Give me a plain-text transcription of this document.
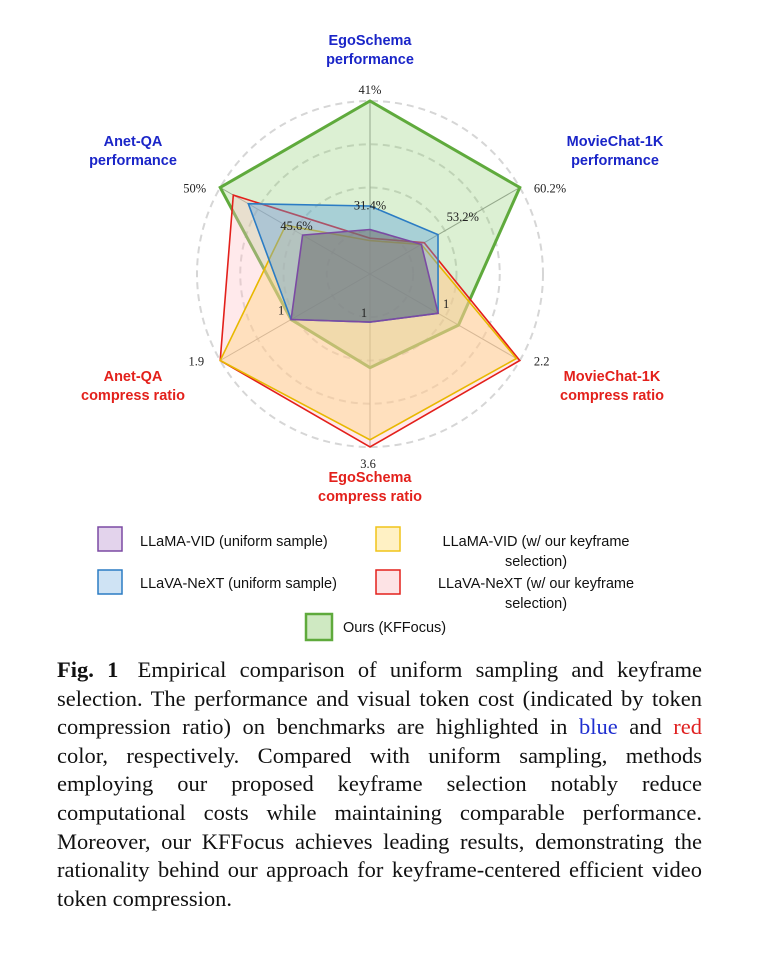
41%
31.4%
60.2%
53.2%
2.2
1
3.6
1
1.9
1
50%
45.6%
EgoSchema performance
MovieChat-1K performance
MovieChat-1K compress ratio
EgoSchema compress ratio
Anet-QA compress ratio
Anet-QA performance
LLaMA-VID (uniform sample)	LLaMA-VID (w/ our keyframe selection)
LLaVA-NeXT (uniform sample)	LLaVA-NeXT (w/ our keyframe selection)
Ours (KFFocus)
Fig. 1 Empirical comparison of uniform sampling and keyframe selection. The performance and visual token cost (indicated by token compression ratio) on benchmarks are highlighted in blue and red color, respectively. Compared with uniform sampling, methods employing our proposed keyframe selection notably reduce computational costs while maintaining comparable performance. Moreover, our KFFocus achieves leading results, demonstrating the rationality behind our approach for keyframe-centered efficient video token compression.
